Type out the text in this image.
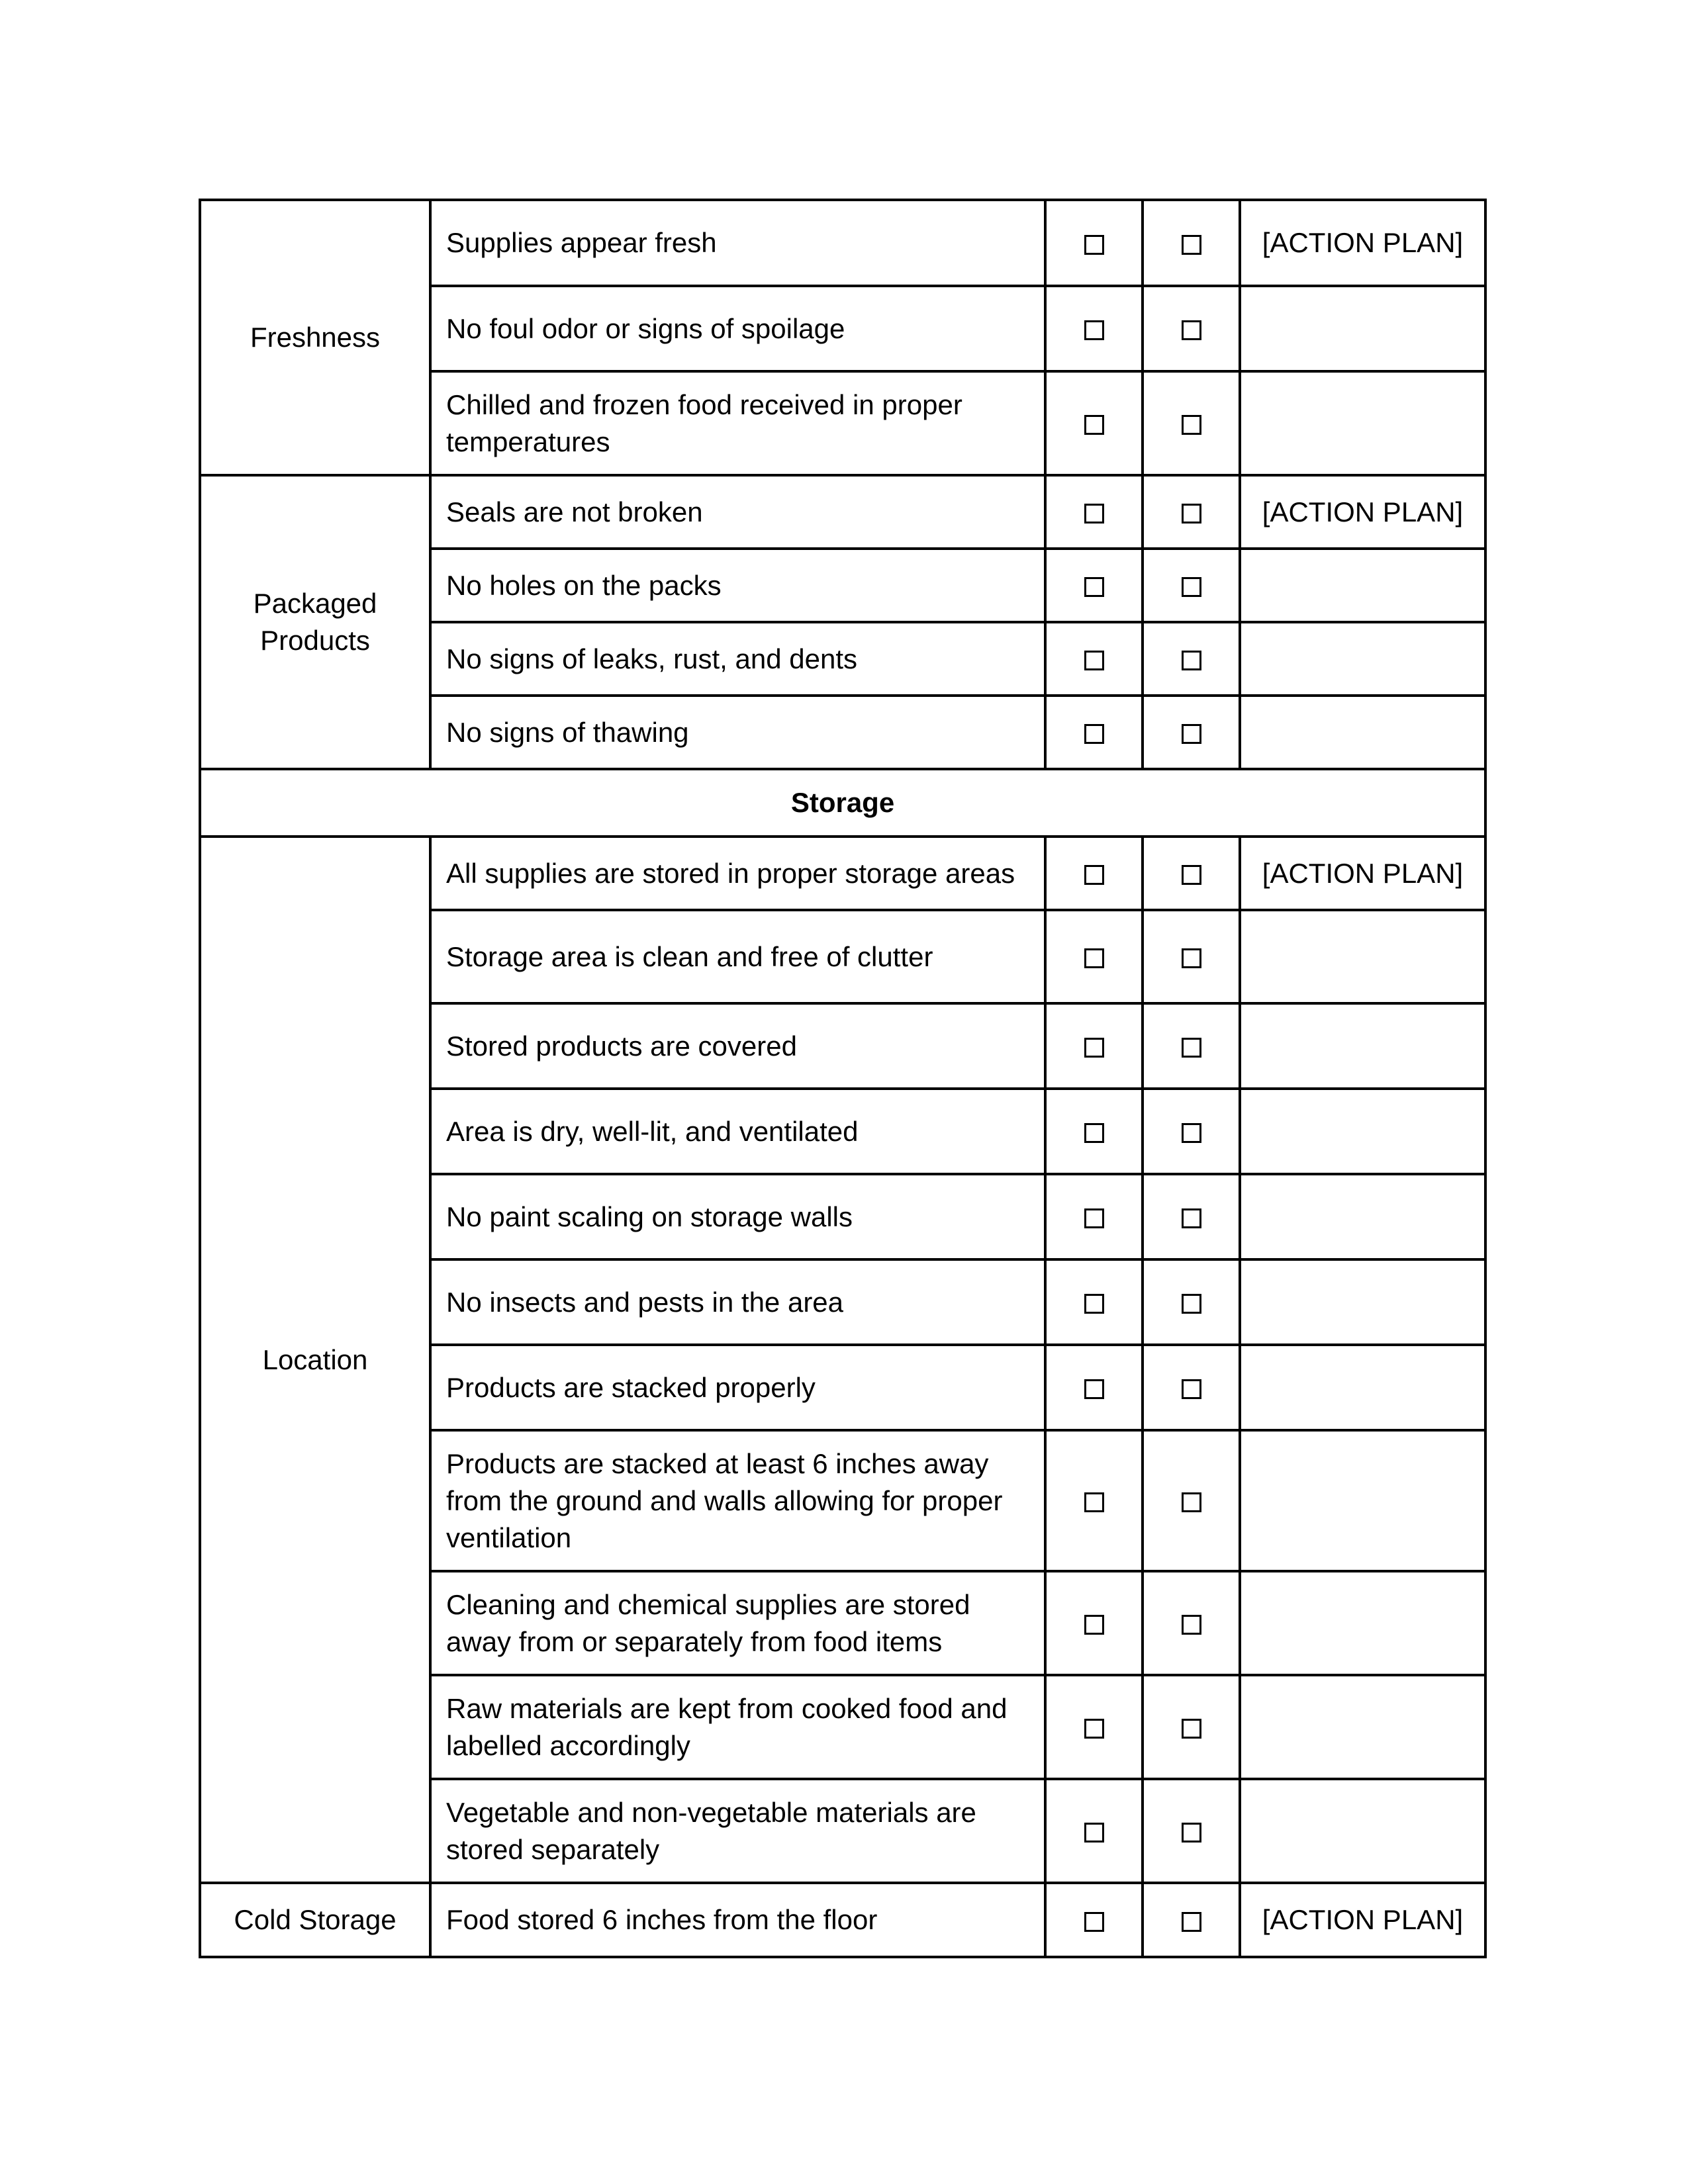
Freshness	Supplies appear fresh			[ACTION PLAN]
	No foul odor or signs of spoilage			
	Chilled and frozen food received in proper temperatures			
Packaged Products	Seals are not broken			[ACTION PLAN]
	No holes on the packs			
	No signs of leaks, rust, and dents			
	No signs of thawing			
Storage				
Location	All supplies are stored in proper storage areas			[ACTION PLAN]
	Storage area is clean and free of clutter			
	Stored products are covered			
	Area is dry, well-lit, and ventilated			
	No paint scaling on storage walls			
	No insects and pests in the area			
	Products are stacked properly			
	Products are stacked at least 6 inches away from the ground and walls allowing for proper ventilation			
	Cleaning and chemical supplies are stored away from or separately from food items			
	Raw materials are kept from cooked food and labelled accordingly			
	Vegetable and non-vegetable materials are stored separately			
Cold Storage	Food stored 6 inches from the floor			[ACTION PLAN]
